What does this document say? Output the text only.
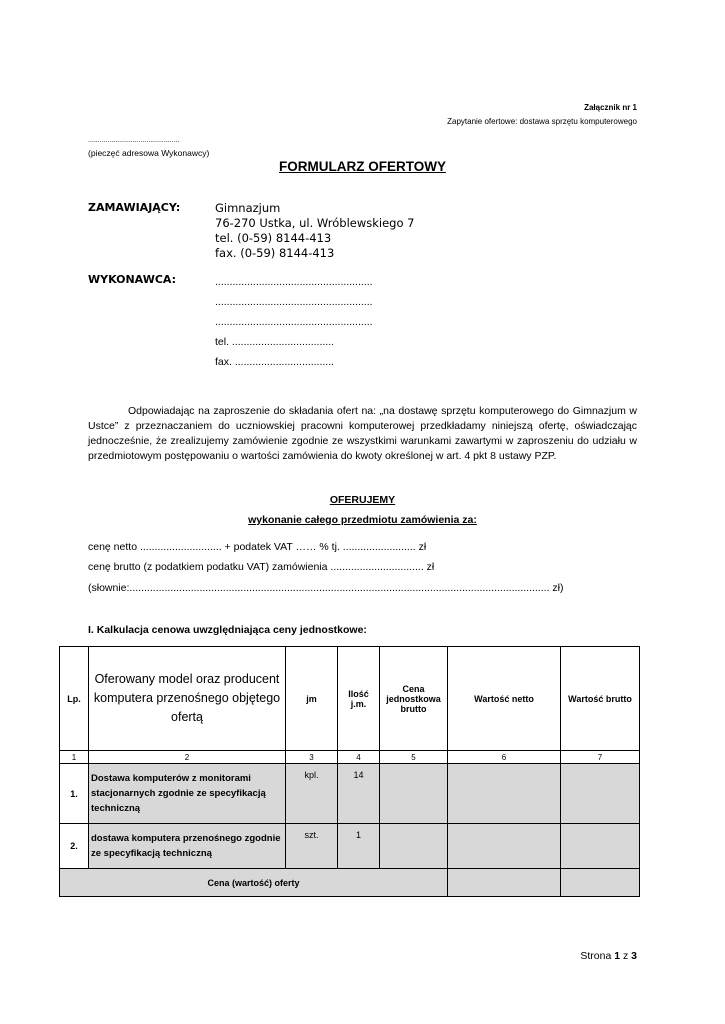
Załącznik nr 1
Zapytanie ofertowe: dostawa sprzętu komputerowego
...............................................
(pieczęć adresowa Wykonawcy)
FORMULARZ OFERTOWY
ZAMAWIAJĄCY:	Gimnazjum
76-270 Ustka, ul. Wróblewskiego 7
tel. (0-59) 8144-413
fax. (0-59) 8144-413
WYKONAWCA:	......................................................
......................................................
......................................................
tel. ...................................
fax. ..................................
Odpowiadając na zaproszenie do składania ofert na: „na dostawę sprzętu komputerowego do Gimnazjum w Ustce” z przeznaczaniem do uczniowskiej pracowni komputerowej przedkładamy niniejszą ofertę, oświadczając jednocześnie, że zrealizujemy zamówienie zgodnie ze wszystkimi warunkami zawartymi w zaproszeniu do udziału w przedmiotowym postępowaniu o wartości zamówienia do kwoty określonej w art. 4 pkt 8 ustawy PZP.
OFERUJEMY
wykonanie całego przedmiotu zamówienia za:
cenę netto ............................ + podatek VAT …… % tj. ......................... zł
cenę brutto (z podatkiem podatku VAT) zamówienia ................................ zł
(słownie:................................................................................................................................................ zł)
I. Kalkulacja cenowa uwzględniająca ceny jednostkowe:
Lp.	Oferowany model oraz producent komputera przenośnego objętego ofertą	jm	Ilość j.m.	Cena jednostkowa brutto	Wartość netto	Wartość brutto
1	2	3	4	5	6	7
1.	Dostawa komputerów z monitorami stacjonarnych zgodnie ze specyfikacją techniczną	kpl.	14			
2.	dostawa komputera przenośnego zgodnie ze specyfikacją techniczną	szt.	1			
Cena (wartość) oferty						
Strona 1 z 3
